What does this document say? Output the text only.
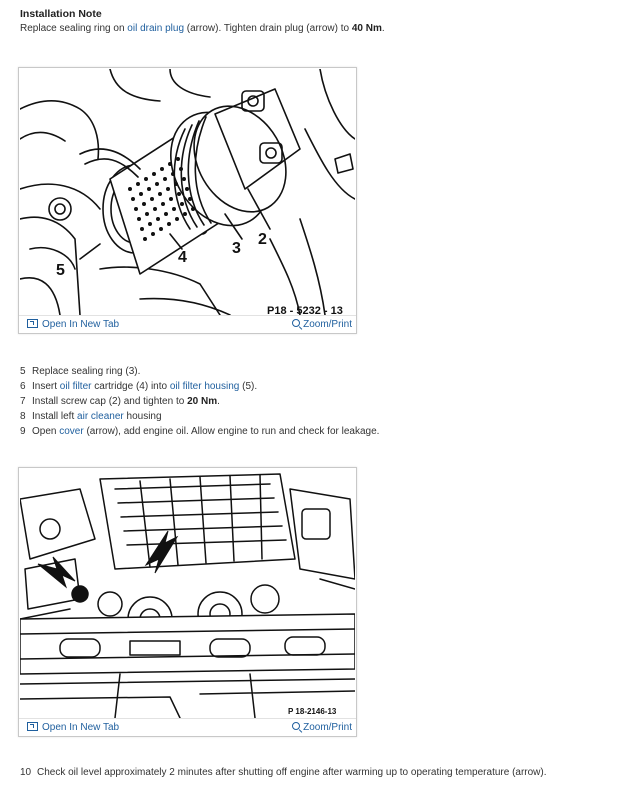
Installation Note
Replace sealing ring on oil drain plug (arrow). Tighten drain plug (arrow) to 40 Nm.
2
3
4
5
P18 - 5232 - 13
Open In New Tab	Zoom/Print
5 Replace sealing ring (3).
6 Insert oil filter cartridge (4) into oil filter housing (5).
7 Install screw cap (2) and tighten to 20 Nm.
8 Install left air cleaner housing
9 Open cover (arrow), add engine oil. Allow engine to run and check for leakage.
P 18-2146-13
Open In New Tab	Zoom/Print
10 Check oil level approximately 2 minutes after shutting off engine after warming up to operating temperature (arrow).
